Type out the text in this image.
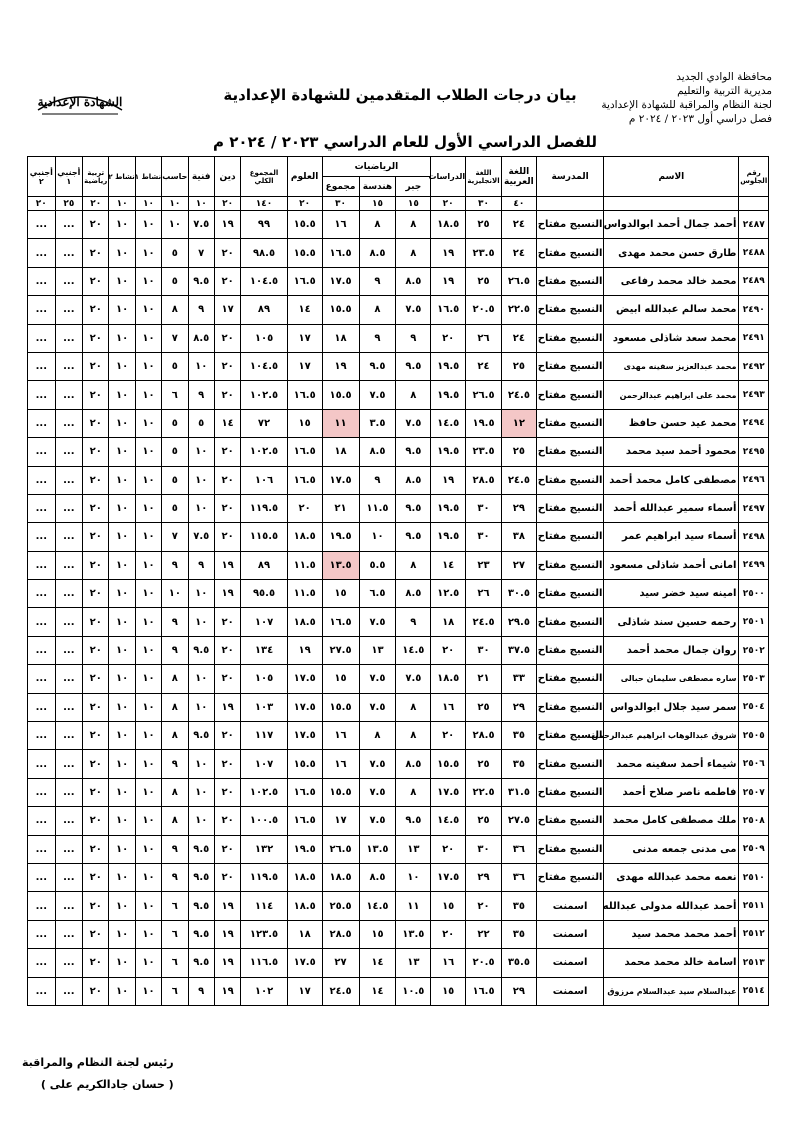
محافظة الوادي الجديد
مديرية التربية والتعليم
لجنة النظام والمراقبة للشهادة الإعدادية
فصل دراسي أول ٢٠٢٣ / ٢٠٢٤ م
بيان درجات الطلاب المتقدمين للشهادة الإعدادية
للفصل الدراسي الأول للعام الدراسي ٢٠٢٣ / ٢٠٢٤ م
الشهادة الإعدادية
رقم الجلوس	الاسم	المدرسة	اللغة العربية	اللغة الانجليزية	الدراسات	الرياضيات			العلوم	المجموع الكلي	دين	فنية	حاسب	نشاط ١	نشاط ٢	تربية رياضية	أجنبي ١	أجنبي ٢
						جبر	هندسة	مجموع										
			٤٠	٣٠	٢٠	١٥	١٥	٣٠	٢٠	١٤٠	٢٠	١٠	١٠	١٠	١٠	٢٠	٢٥	٢٠
٢٤٨٧	أحمد جمال أحمد ابوالدواس	النسيج مفتاح	٢٤	٢٥	١٨.٥	٨	٨	١٦	١٥.٥	٩٩	١٩	٧.٥	١٠	١٠	١٠	٢٠	...	...
٢٤٨٨	طارق حسن محمد مهدى	النسيج مفتاح	٢٤	٢٣.٥	١٩	٨	٨.٥	١٦.٥	١٥.٥	٩٨.٥	٢٠	٧	٥	١٠	١٠	٢٠	...	...
٢٤٨٩	محمد خالد محمد رفاعى	النسيج مفتاح	٢٦.٥	٢٥	١٩	٨.٥	٩	١٧.٥	١٦.٥	١٠٤.٥	٢٠	٩.٥	٥	١٠	١٠	٢٠	...	...
٢٤٩٠	محمد سالم عبدالله ابيض	النسيج مفتاح	٢٢.٥	٢٠.٥	١٦.٥	٧.٥	٨	١٥.٥	١٤	٨٩	١٧	٩	٨	١٠	١٠	٢٠	...	...
٢٤٩١	محمد سعد شاذلى مسعود	النسيج مفتاح	٢٤	٢٦	٢٠	٩	٩	١٨	١٧	١٠٥	٢٠	٨.٥	٧	١٠	١٠	٢٠	...	...
٢٤٩٢	محمد عبدالعزيز سفينه مهدى	النسيج مفتاح	٢٥	٢٤	١٩.٥	٩.٥	٩.٥	١٩	١٧	١٠٤.٥	٢٠	١٠	٥	١٠	١٠	٢٠	...	...
٢٤٩٣	محمد على ابراهيم عبدالرحمن	النسيج مفتاح	٢٤.٥	٢٦.٥	١٩.٥	٨	٧.٥	١٥.٥	١٦.٥	١٠٢.٥	٢٠	٩	٦	١٠	١٠	٢٠	...	...
٢٤٩٤	محمد عيد حسن حافظ	النسيج مفتاح	١٢	١٩.٥	١٤.٥	٧.٥	٣.٥	١١	١٥	٧٢	١٤	٥	٥	١٠	١٠	٢٠	...	...
٢٤٩٥	محمود أحمد سيد محمد	النسيج مفتاح	٢٥	٢٣.٥	١٩.٥	٩.٥	٨.٥	١٨	١٦.٥	١٠٢.٥	٢٠	١٠	٥	١٠	١٠	٢٠	...	...
٢٤٩٦	مصطفى كامل محمد أحمد	النسيج مفتاح	٢٤.٥	٢٨.٥	١٩	٨.٥	٩	١٧.٥	١٦.٥	١٠٦	٢٠	١٠	٥	١٠	١٠	٢٠	...	...
٢٤٩٧	أسماء سمير عبدالله أحمد	النسيج مفتاح	٢٩	٣٠	١٩.٥	٩.٥	١١.٥	٢١	٢٠	١١٩.٥	٢٠	١٠	٥	١٠	١٠	٢٠	...	...
٢٤٩٨	أسماء سيد ابراهيم عمر	النسيج مفتاح	٣٨	٣٠	١٩.٥	٩.٥	١٠	١٩.٥	١٨.٥	١١٥.٥	٢٠	٧.٥	٧	١٠	١٠	٢٠	...	...
٢٤٩٩	امانى أحمد شاذلى مسعود	النسيج مفتاح	٢٧	٢٣	١٤	٨	٥.٥	١٣.٥	١١.٥	٨٩	١٩	٩	٩	١٠	١٠	٢٠	...	...
٢٥٠٠	امينه سيد خضر سيد	النسيج مفتاح	٣٠.٥	٢٦	١٢.٥	٨.٥	٦.٥	١٥	١١.٥	٩٥.٥	١٩	١٠	١٠	١٠	١٠	٢٠	...	...
٢٥٠١	رحمه حسين سند شاذلى	النسيج مفتاح	٢٩.٥	٢٤.٥	١٨	٩	٧.٥	١٦.٥	١٨.٥	١٠٧	٢٠	١٠	٩	١٠	١٠	٢٠	...	...
٢٥٠٢	روان جمال محمد أحمد	النسيج مفتاح	٣٧.٥	٣٠	٢٠	١٤.٥	١٣	٢٧.٥	١٩	١٣٤	٢٠	٩.٥	٩	١٠	١٠	٢٠	...	...
٢٥٠٣	ساره مصطفى سليمان حبالى	النسيج مفتاح	٣٣	٢١	١٨.٥	٧.٥	٧.٥	١٥	١٧.٥	١٠٥	٢٠	١٠	٨	١٠	١٠	٢٠	...	...
٢٥٠٤	سمر سيد جلال ابوالدواس	النسيج مفتاح	٢٩	٢٥	١٦	٨	٧.٥	١٥.٥	١٧.٥	١٠٣	١٩	١٠	٨	١٠	١٠	٢٠	...	...
٢٥٠٥	شروق عبدالوهاب ابراهيم عبدالرحمن	النسيج مفتاح	٣٥	٢٨.٥	٢٠	٨	٨	١٦	١٧.٥	١١٧	٢٠	٩.٥	٨	١٠	١٠	٢٠	...	...
٢٥٠٦	شيماء أحمد سفينه محمد	النسيج مفتاح	٣٥	٢٥	١٥.٥	٨.٥	٧.٥	١٦	١٥.٥	١٠٧	٢٠	١٠	٩	١٠	١٠	٢٠	...	...
٢٥٠٧	فاطمه ناصر صلاح أحمد	النسيج مفتاح	٣١.٥	٢٢.٥	١٧.٥	٨	٧.٥	١٥.٥	١٦.٥	١٠٢.٥	٢٠	١٠	٨	١٠	١٠	٢٠	...	...
٢٥٠٨	ملك مصطفى كامل محمد	النسيج مفتاح	٢٧.٥	٢٥	١٤.٥	٩.٥	٧.٥	١٧	١٦.٥	١٠٠.٥	٢٠	١٠	٨	١٠	١٠	٢٠	...	...
٢٥٠٩	مى مدنى جمعه مدنى	النسيج مفتاح	٣٦	٣٠	٢٠	١٣	١٣.٥	٢٦.٥	١٩.٥	١٣٢	٢٠	٩.٥	٩	١٠	١٠	٢٠	...	...
٢٥١٠	نعمه محمد عبدالله مهدى	النسيج مفتاح	٣٦	٢٩	١٧.٥	١٠	٨.٥	١٨.٥	١٨.٥	١١٩.٥	٢٠	٩.٥	٩	١٠	١٠	٢٠	...	...
٢٥١١	أحمد عبدالله مدولى عبدالله	اسمنت	٣٥	٢٠	١٥	١١	١٤.٥	٢٥.٥	١٨.٥	١١٤	١٩	٩.٥	٦	١٠	١٠	٢٠	...	...
٢٥١٢	أحمد محمد محمد سيد	اسمنت	٣٥	٢٢	٢٠	١٣.٥	١٥	٢٨.٥	١٨	١٢٣.٥	١٩	٩.٥	٦	١٠	١٠	٢٠	...	...
٢٥١٣	اسامة خالد محمد محمد	اسمنت	٣٥.٥	٢٠.٥	١٦	١٣	١٤	٢٧	١٧.٥	١١٦.٥	١٩	٩.٥	٦	١٠	١٠	٢٠	...	...
٢٥١٤	عبدالسلام سيد عبدالسلام مرزوق	اسمنت	٢٩	١٦.٥	١٥	١٠.٥	١٤	٢٤.٥	١٧	١٠٢	١٩	٩	٦	١٠	١٠	٢٠	...	...
رئيس لجنة النظام والمراقبة
( حسان جادالكريم على )
